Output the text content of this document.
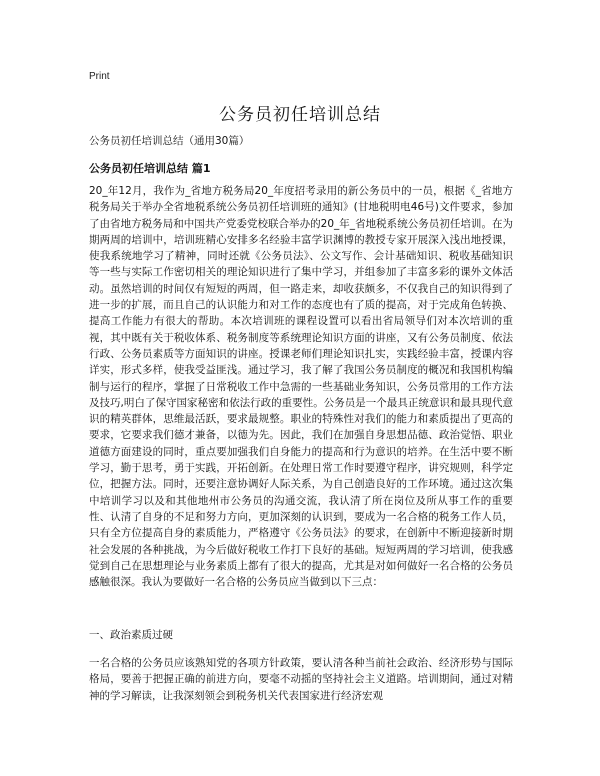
Print
公务员初任培训总结
公务员初任培训总结（通用30篇）
公务员初任培训总结 篇1

20_年12月，我作为_省地方税务局20_年度招考录用的新公务员中的一员，根据《_省地方税务局关于举办全省地税系统公务员初任培训班的通知》(甘地税明电46号)文件要求，参加了由省地方税务局和中国共产党委党校联合举办的20_年_省地税系统公务员初任培训。在为期两周的培训中，培训班精心安排多名经验丰富学识渊博的教授专家开展深入浅出地授课，使我系统地学习了精神，同时还就《公务员法》、公文写作、会计基础知识、税收基础知识等一些与实际工作密切相关的理论知识进行了集中学习，并组参加了丰富多彩的课外文体活动。虽然培训的时间仅有短短的两周，但一路走来，却收获颇多，不仅我自己的知识得到了进一步的扩展，而且自己的认识能力和对工作的态度也有了质的提高，对于完成角色转换、提高工作能力有很大的帮助。本次培训班的课程设置可以看出省局领导们对本次培训的重视，其中既有关于税收体系、税务制度等系统理论知识方面的讲座，又有公务员制度、依法行政、公务员素质等方面知识的讲座。授课老师们理论知识扎实，实践经验丰富，授课内容详实，形式多样，使我受益匪浅。通过学习，我了解了我国公务员制度的概况和我国机构编制与运行的程序，掌握了日常税收工作中急需的一些基础业务知识，公务员常用的工作方法及技巧,明白了保守国家秘密和依法行政的重要性。公务员是一个最具正统意识和最具现代意识的精英群体，思维最活跃，要求最规整。职业的特殊性对我们的能力和素质提出了更高的要求，它要求我们德才兼备，以德为先。因此，我们在加强自身思想品德、政治觉悟、职业道德方面建设的同时，重点要加强我们自身能力的提高和行为意识的培养。在生活中要不断学习，勤于思考，勇于实践，开拓创新。在处理日常工作时要遵守程序，讲究规则，科学定位，把握方法。同时，还要注意协调好人际关系，为自己创造良好的工作环境。通过这次集中培训学习以及和其他地州市公务员的沟通交流，我认清了所在岗位及所从事工作的重要性、认清了自身的不足和努力方向，更加深刻的认识到，要成为一名合格的税务工作人员，只有全方位提高自身的素质能力，严格遵守《公务员法》的要求，在创新中不断迎接新时期社会发展的各种挑战，为今后做好税收工作打下良好的基础。短短两周的学习培训，使我感觉到自己在思想理论与业务素质上都有了很大的提高，尤其是对如何做好一名合格的公务员感触很深。我认为要做好一名合格的公务员应当做到以下三点：

一、政治素质过硬

一名合格的公务员应该熟知党的各项方针政策，要认清各种当前社会政治、经济形势与国际格局，要善于把握正确的前进方向，要毫不动摇的坚持社会主义道路。培训期间，通过对精神的学习解读，让我深刻领会到税务机关代表国家进行经济宏观
